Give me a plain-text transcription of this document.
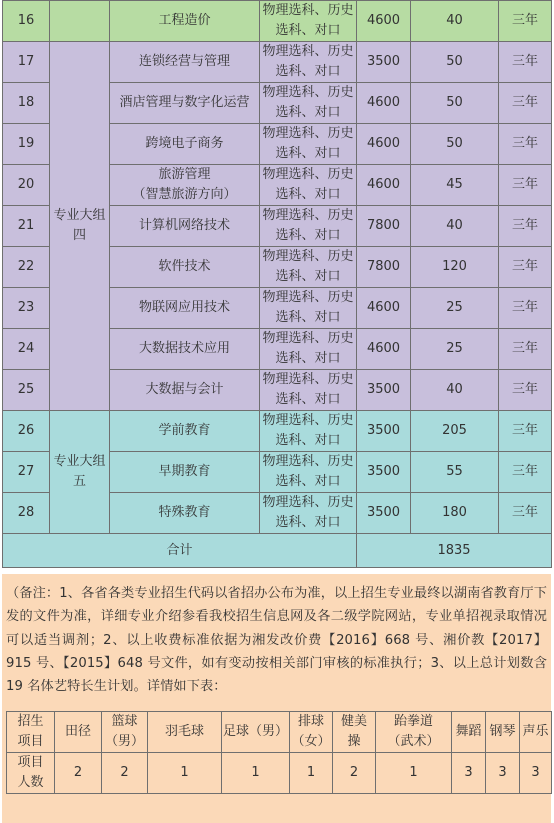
16		工程造价	物理选科、历史
选科、对口	4600	40	三年
17	专业大组
四	连锁经营与管理	物理选科、历史
选科、对口	3500	50	三年
18		酒店管理与数字化运营	物理选科、历史
选科、对口	4600	50	三年
19		跨境电子商务	物理选科、历史
选科、对口	4600	50	三年
20		旅游管理
（智慧旅游方向）	物理选科、历史
选科、对口	4600	45	三年
21		计算机网络技术	物理选科、历史
选科、对口	7800	40	三年
22		软件技术	物理选科、历史
选科、对口	7800	120	三年
23		物联网应用技术	物理选科、历史
选科、对口	4600	25	三年
24		大数据技术应用	物理选科、历史
选科、对口	4600	25	三年
25		大数据与会计	物理选科、历史
选科、对口	3500	40	三年
26	专业大组
五	学前教育	物理选科、历史
选科、对口	3500	205	三年
27		早期教育	物理选科、历史
选科、对口	3500	55	三年
28		特殊教育	物理选科、历史
选科、对口	3500	180	三年
合计				1835		
（备注：1、各省各类专业招生代码以省招办公布为准，以上招生专业最终以湖南省教育厅下发的文件为准，详细专业介绍参看我校招生信息网及各二级学院网站，专业单招视录取情况可以适当调剂；2、以上收费标准依据为湘发改价费【2016】668 号、湘价教【2017】915 号、【2015】648 号文件，如有变动按相关部门审核的标准执行；3、以上总计划数含 19 名体艺特长生计划。详情如下表：
招生
项目	田径	篮球
（男）	羽毛球	足球（男）	排球
（女）	健美
操	跆拳道
（武术）	舞蹈	钢琴	声乐

项目
人数	2	2	1	1	1	2	1	3	3	3
